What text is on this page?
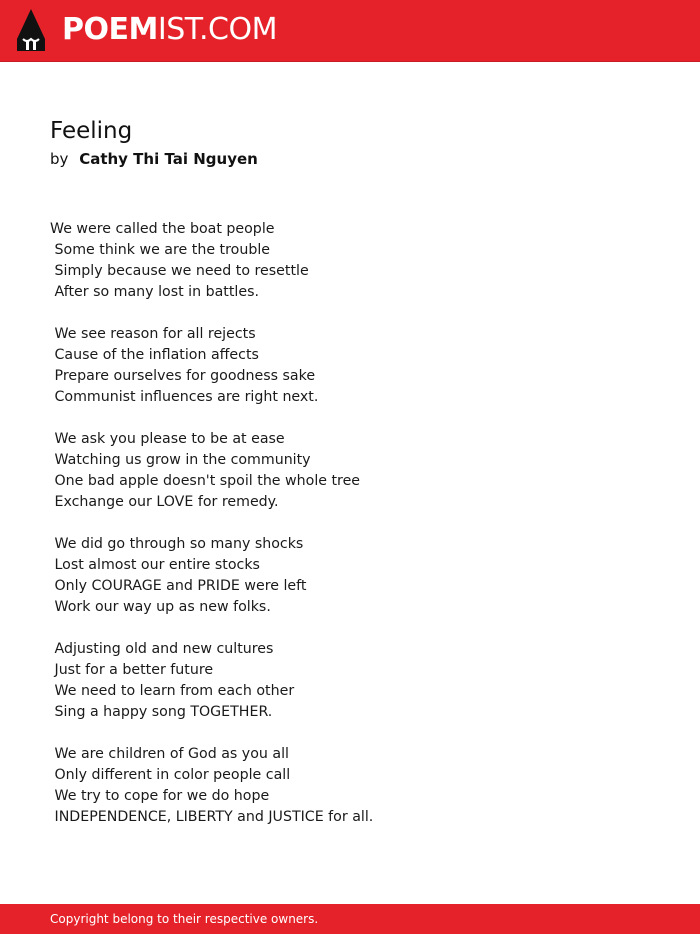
POEMIST.COM
Feeling
by Cathy Thi Tai Nguyen
We were called the boat people
Some think we are the trouble
Simply because we need to resettle
After so many lost in battles.
We see reason for all rejects
Cause of the inflation affects
Prepare ourselves for goodness sake
Communist influences are right next.
We ask you please to be at ease
Watching us grow in the community
One bad apple doesn't spoil the whole tree
Exchange our LOVE for remedy.
We did go through so many shocks
Lost almost our entire stocks
Only COURAGE and PRIDE were left
Work our way up as new folks.
Adjusting old and new cultures
Just for a better future
We need to learn from each other
Sing a happy song TOGETHER.
We are children of God as you all
Only different in color people call
We try to cope for we do hope
INDEPENDENCE, LIBERTY and JUSTICE for all.
Copyright belong to their respective owners.
